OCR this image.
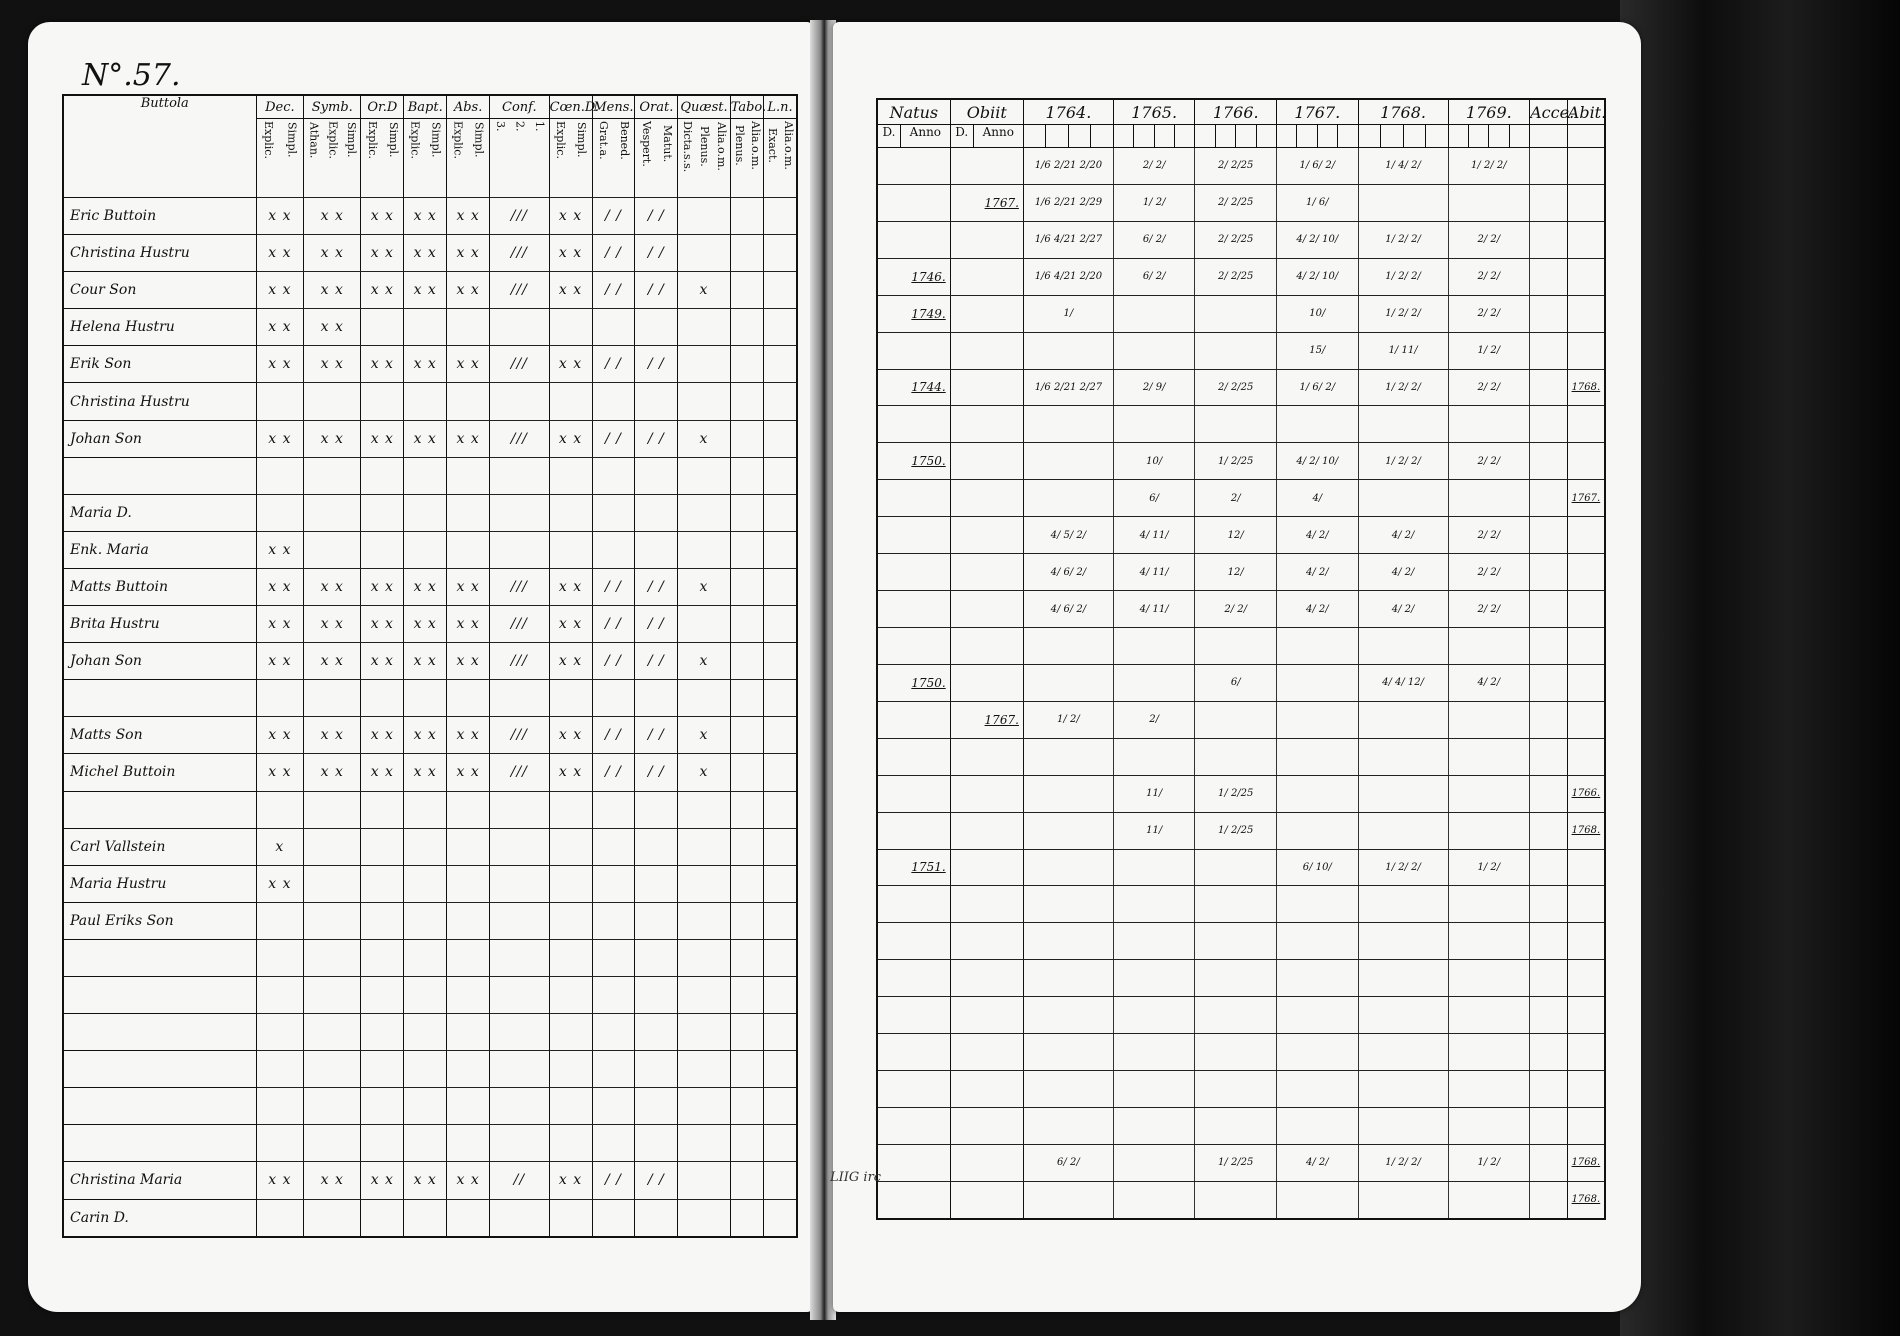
N°.57.
Buttola	Dec.	Symb.	Or.D	Bapt.	Abs.	Conf.	Cœn.D.	Mens.	Orat.	Quæst.	Tabo.	L.n.

	Explic. Simpl.	Athan. Explic. Simpl.	Explic. Simpl.	Explic. Simpl.	Explic. Simpl.	3. 2. 1.	Explic. Simpl.	Grat.a. Bened.	Vespert. Matut.	Dicta.s.s. Plenus. Alia.o.m.	Plenus. Alia.o.m.	Exact. Alia.o.m.

Eric Buttoin	x x	x x	x x	x x	x x	///	x x	/ /	/ /			
Christina Hustru	x x	x x	x x	x x	x x	///	x x	/ /	/ /			
Cour Son	x x	x x	x x	x x	x x	///	x x	/ /	/ /	x		
Helena Hustru	x x	x x										
Erik Son	x x	x x	x x	x x	x x	///	x x	/ /	/ /			
Christina Hustru												
Johan Son	x x	x x	x x	x x	x x	///	x x	/ /	/ /	x		

Maria D.												
Enk. Maria	x x											
Matts Buttoin	x x	x x	x x	x x	x x	///	x x	/ /	/ /	x		
Brita Hustru	x x	x x	x x	x x	x x	///	x x	/ /	/ /			
Johan Son	x x	x x	x x	x x	x x	///	x x	/ /	/ /	x		

Matts Son	x x	x x	x x	x x	x x	///	x x	/ /	/ /	x		
Michel Buttoin	x x	x x	x x	x x	x x	///	x x	/ /	/ /	x		

Carl Vallstein	x											
Maria Hustru	x x											
Paul Eriks Son												

Christina Maria	x x	x x	x x	x x	x x	//	x x	/ /	/ /			
Carin D.												
Natus	Obiit	1764.	1765.	1766.	1767.	1768.	1769.	Acce.	Abit.

D. Anno	D. Anno								

		1/6 2/21 2/20	2/ 2/	2/ 2/25	1/ 6/ 2/	1/ 4/ 2/	1/ 2/ 2/		
	1767.	1/6 2/21 2/29	1/ 2/	2/ 2/25	1/ 6/				
		1/6 4/21 2/27	6/ 2/	2/ 2/25	4/ 2/ 10/	1/ 2/ 2/	2/ 2/		
1746.		1/6 4/21 2/20	6/ 2/	2/ 2/25	4/ 2/ 10/	1/ 2/ 2/	2/ 2/		
1749.		1/			10/	1/ 2/ 2/	2/ 2/		
					15/	1/ 11/	1/ 2/		
1744.		1/6 2/21 2/27	2/ 9/	2/ 2/25	1/ 6/ 2/	1/ 2/ 2/	2/ 2/		1768.

1750.			10/	1/ 2/25	4/ 2/ 10/	1/ 2/ 2/	2/ 2/		
			6/	2/	4/				1767.
		4/ 5/ 2/	4/ 11/	12/	4/ 2/	4/ 2/	2/ 2/		
		4/ 6/ 2/	4/ 11/	12/	4/ 2/	4/ 2/	2/ 2/		
		4/ 6/ 2/	4/ 11/	2/ 2/	4/ 2/	4/ 2/	2/ 2/		

1750.				6/		4/ 4/ 12/	4/ 2/		
	1767.	1/ 2/	2/						

			11/	1/ 2/25					1766.
			11/	1/ 2/25					1768.
1751.					6/ 10/	1/ 2/ 2/	1/ 2/		

		6/ 2/		1/ 2/25	4/ 2/	1/ 2/ 2/	1/ 2/		1768.
									1768.
LIIG irc
